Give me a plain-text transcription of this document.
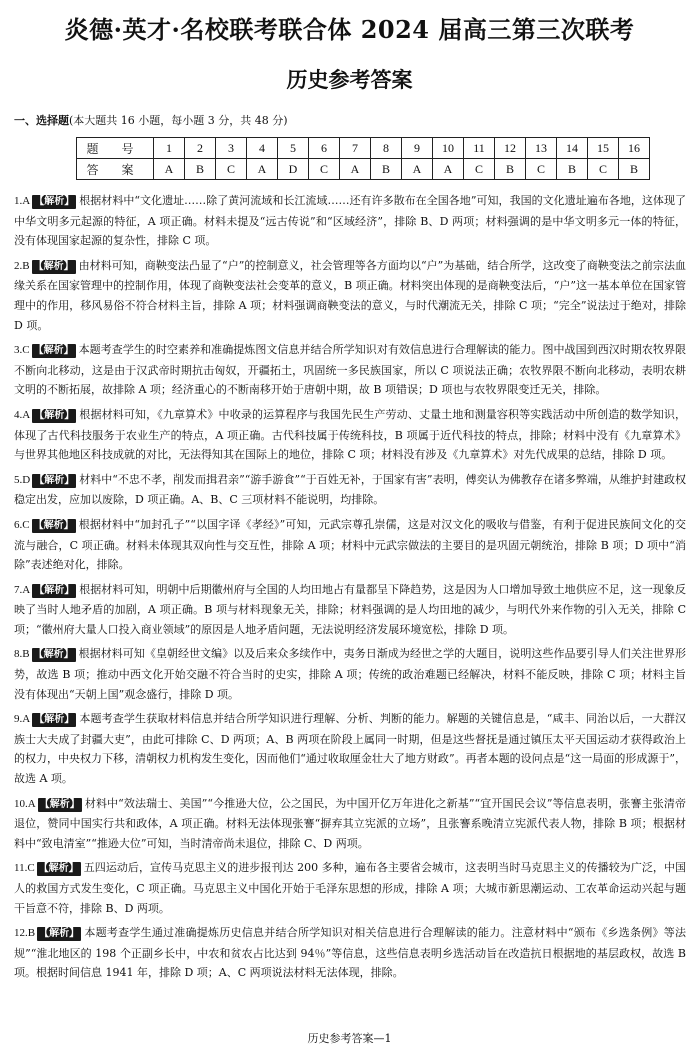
炎德·英才·名校联考联合体 2024 届高三第三次联考
历史参考答案
一、选择题(本大题共 16 小题，每小题 3 分，共 48 分)
题 号	1	2	3	4	5	6	7	8	9	10	11	12	13	14	15	16
答 案	A	B	C	A	D	C	A	B	A	A	C	B	C	B	C	B
1.A 【解析】 根据材料中“文化遗址……除了黄河流域和长江流域……还有许多散布在全国各地”可知，我国的文化遗址遍布各地，这体现了中华文明多元起源的特征，A 项正确。材料未提及“远古传说”和“区域经济”，排除 B、D 两项；材料强调的是中华文明多元一体的特征，没有体现国家起源的复杂性，排除 C 项。
2.B 【解析】 由材料可知，商鞅变法凸显了“户”的控制意义，社会管理等各方面均以“户”为基础，结合所学，这改变了商鞅变法之前宗法血缘关系在国家管理中的控制作用，体现了商鞅变法社会变革的意义，B 项正确。材料突出体现的是商鞅变法后，“户”这一基本单位在国家管理中的作用，移风易俗不符合材料主旨，排除 A 项；材料强调商鞅变法的意义，与时代潮流无关，排除 C 项；“完全”说法过于绝对，排除 D 项。
3.C 【解析】 本题考查学生的时空素养和准确提炼图文信息并结合所学知识对有效信息进行合理解读的能力。图中战国到西汉时期农牧界限不断向北移动，这是由于汉武帝时期抗击匈奴，开疆拓土，巩固统一多民族国家，所以 C 项说法正确；农牧界限不断向北移动，表明农耕文明的不断拓展，故排除 A 项；经济重心的不断南移开始于唐朝中期，故 B 项错误；D 项也与农牧界限变迁无关，排除。
4.A 【解析】 根据材料可知，《九章算术》中收录的运算程序与我国先民生产劳动、丈量土地和测量容积等实践活动中所创造的数学知识，体现了古代科技服务于农业生产的特点，A 项正确。古代科技属于传统科技，B 项属于近代科技的特点，排除；材料中没有《九章算术》与世界其他地区科技成就的对比，无法得知其在国际上的地位，排除 C 项；材料没有涉及《九章算术》对先代成果的总结，排除 D 项。
5.D 【解析】 材料中“不忠不孝，削发而揖君亲”“游手游食”“于百姓无补，于国家有害”表明，傅奕认为佛教存在诸多弊端，从维护封建政权稳定出发，应加以废除，D 项正确。A、B、C 三项材料不能说明，均排除。
6.C 【解析】 根据材料中“加封孔子”“以国字译《孝经》”可知，元武宗尊孔崇儒，这是对汉文化的吸收与借鉴，有利于促进民族间文化的交流与融合，C 项正确。材料未体现其双向性与交互性，排除 A 项；材料中元武宗做法的主要目的是巩固元朝统治，排除 B 项；D 项中“消除”表述绝对化，排除。
7.A 【解析】 根据材料可知，明朝中后期徽州府与全国的人均田地占有量都呈下降趋势，这是因为人口增加导致土地供应不足，这一现象反映了当时人地矛盾的加剧，A 项正确。B 项与材料现象无关，排除；材料强调的是人均田地的减少，与明代外来作物的引入无关，排除 C 项；“徽州府大量人口投入商业领域”的原因是人地矛盾问题，无法说明经济发展环境宽松，排除 D 项。
8.B 【解析】 根据材料可知《皇朝经世文编》以及后来众多续作中，夷务日渐成为经世之学的大题目，说明这些作品要引导人们关注世界形势，故选 B 项；推动中西文化开始交融不符合当时的史实，排除 A 项；传统的政治难题已经解决，材料不能反映，排除 C 项；材料主旨没有体现出“天朝上国”观念盛行，排除 D 项。
9.A 【解析】 本题考查学生获取材料信息并结合所学知识进行理解、分析、判断的能力。解题的关键信息是，“咸丰、同治以后，一大群汉族士大夫成了封疆大吏”，由此可排除 C、D 两项；A、B 两项在阶段上属同一时期，但是这些督抚是通过镇压太平天国运动才获得政治上的权力，中央权力下移，清朝权力机构发生变化，因而他们“通过收取厘金壮大了地方财政”。再者本题的设问点是“这一局面的形成源于”，故选 A 项。
10.A 【解析】 材料中“效法瑞士、美国”“今推逊大位，公之国民，为中国开亿万年进化之新基”“宜开国民会议”等信息表明，张謇主张清帝退位，赞同中国实行共和政体，A 项正确。材料无法体现张謇“摒弃其立宪派的立场”，且张謇系晚清立宪派代表人物，排除 B 项；根据材料中“致电清室”“推逊大位”可知，当时清帝尚未退位，排除 C、D 两项。
11.C 【解析】 五四运动后，宣传马克思主义的进步报刊达 200 多种，遍布各主要省会城市，这表明当时马克思主义的传播较为广泛，中国人的救国方式发生变化，C 项正确。马克思主义中国化开始于毛泽东思想的形成，排除 A 项；大城市新思潮运动、工农革命运动兴起与题干旨意不符，排除 B、D 两项。
12.B 【解析】 本题考查学生通过准确提炼历史信息并结合所学知识对相关信息进行合理解读的能力。注意材料中“颁布《乡选条例》等法规”“淮北地区的 198 个正副乡长中，中农和贫农占比达到 94％”等信息，这些信息表明乡选活动旨在改造抗日根据地的基层政权，故选 B 项。根据时间信息 1941 年，排除 D 项；A、C 两项说法材料无法体现，排除。
历史参考答案—1
